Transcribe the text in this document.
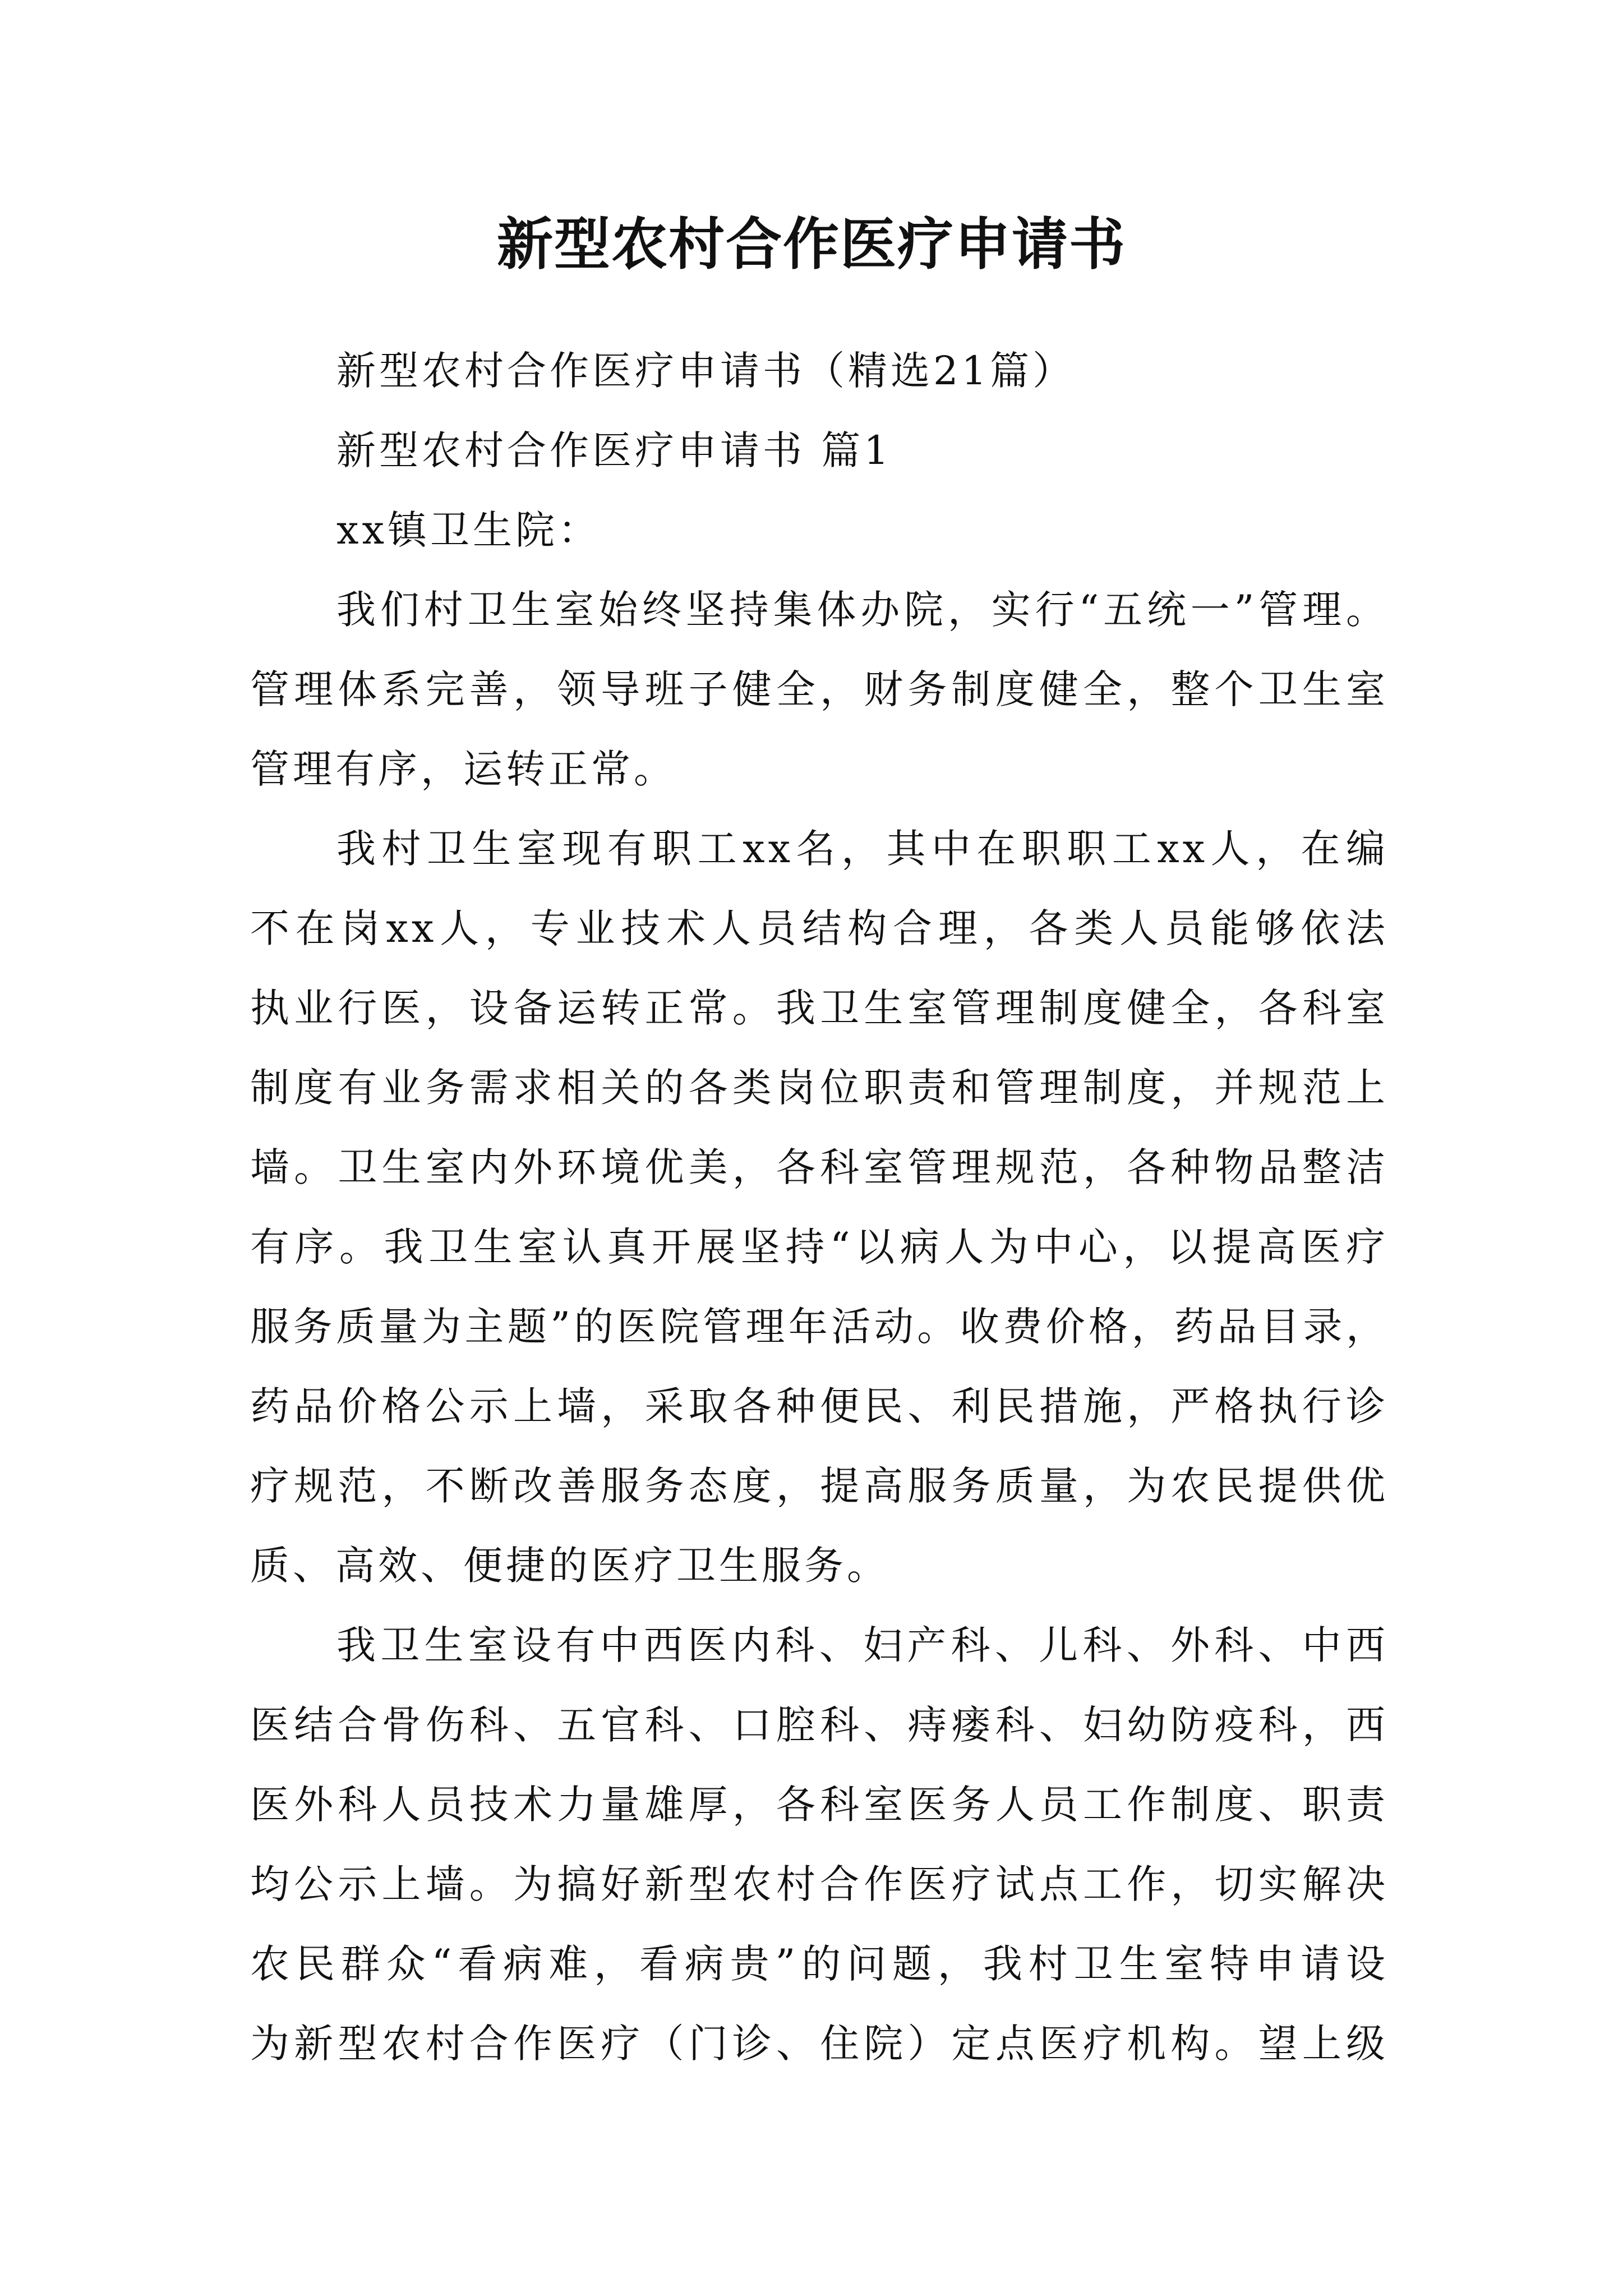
新型农村合作医疗申请书
新型农村合作医疗申请书（精选21篇）
新型农村合作医疗申请书 篇1
xx镇卫生院：
我们村卫生室始终坚持集体办院，实行“五统一”管理。
管理体系完善，领导班子健全，财务制度健全，整个卫生室
管理有序，运转正常。
我村卫生室现有职工xx名，其中在职职工xx人，在编
不在岗xx人，专业技术人员结构合理，各类人员能够依法
执业行医，设备运转正常。我卫生室管理制度健全，各科室
制度有业务需求相关的各类岗位职责和管理制度，并规范上
墙。卫生室内外环境优美，各科室管理规范，各种物品整洁
有序。我卫生室认真开展坚持“以病人为中心，以提高医疗
服务质量为主题”的医院管理年活动。收费价格，药品目录，
药品价格公示上墙，采取各种便民、利民措施，严格执行诊
疗规范，不断改善服务态度，提高服务质量，为农民提供优
质、高效、便捷的医疗卫生服务。
我卫生室设有中西医内科、妇产科、儿科、外科、中西
医结合骨伤科、五官科、口腔科、痔瘘科、妇幼防疫科，西
医外科人员技术力量雄厚，各科室医务人员工作制度、职责
均公示上墙。为搞好新型农村合作医疗试点工作，切实解决
农民群众“看病难，看病贵”的问题，我村卫生室特申请设
为新型农村合作医疗（门诊、住院）定点医疗机构。望上级
